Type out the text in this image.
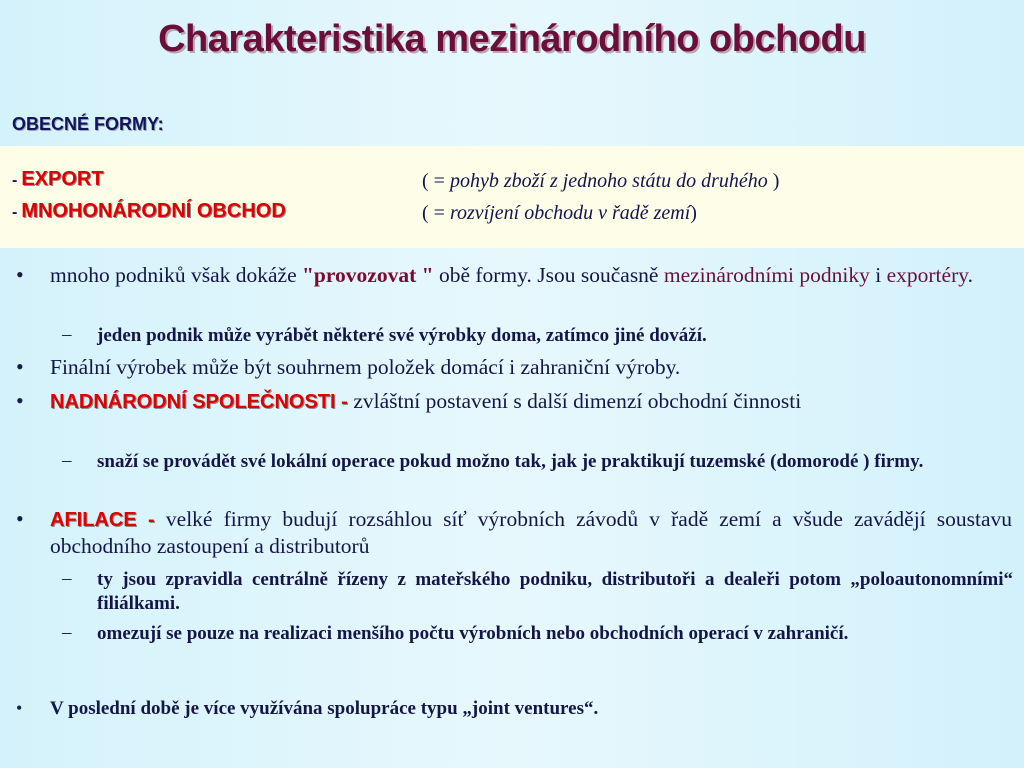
Charakteristika mezinárodního obchodu
OBECNÉ FORMY:
- EXPORT	( = pohyb zboží z jednoho státu do druhého )
- MNOHONÁRODNÍ OBCHOD	( = rozvíjení obchodu v řadě zemí)
• mnoho podniků však dokáže "provozovat " obě formy. Jsou současně mezinárodními podniky i exportéry.
– jeden podnik může vyrábět některé své výrobky doma, zatímco jiné dováží.
• Finální výrobek může být souhrnem položek domácí i zahraniční výroby.
• NADNÁRODNÍ SPOLEČNOSTI - zvláštní postavení s další dimenzí obchodní činnosti
– snaží se provádět své lokální operace pokud možno tak, jak je praktikují tuzemské (domorodé ) firmy.
• AFILACE - velké firmy budují rozsáhlou síť výrobních závodů v řadě zemí a všude zavádějí soustavu obchodního zastoupení a distributorů
– ty jsou zpravidla centrálně řízeny z mateřského podniku, distributoři a dealeři potom „poloautonomními“ filiálkami.
– omezují se pouze na realizaci menšího počtu výrobních nebo obchodních operací v zahraničí.
• V poslední době je více využívána spolupráce typu „joint ventures“.
